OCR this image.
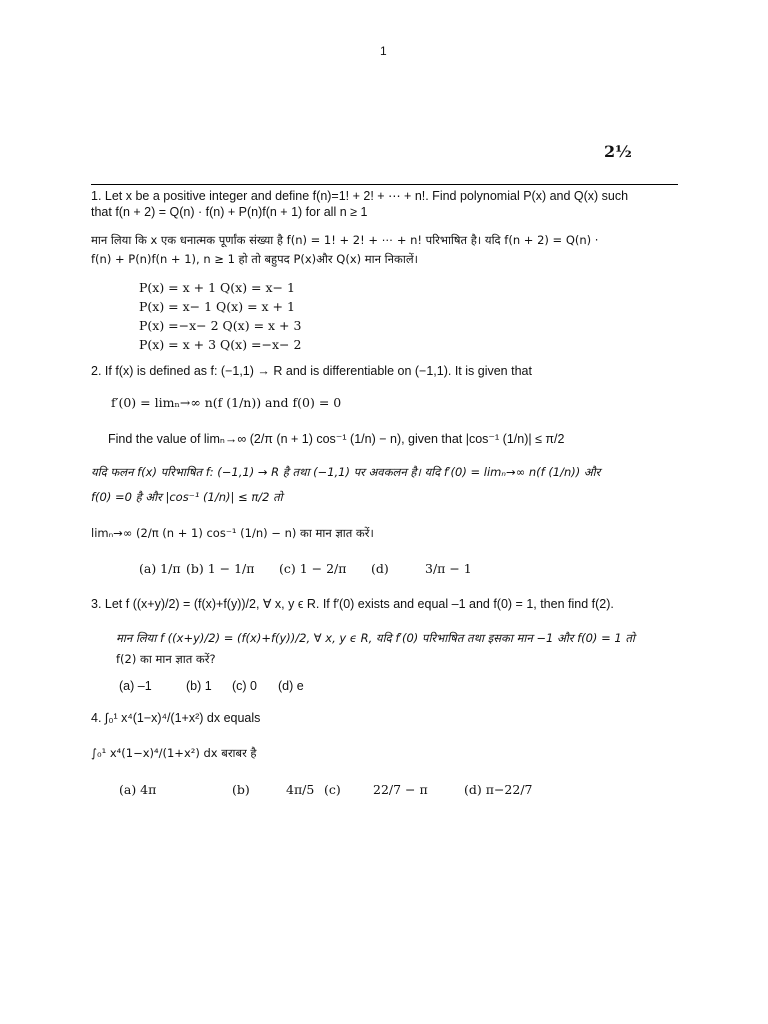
1
2½
1. Let x be a positive integer and define f(n)=1! + 2! + ⋯ + n!. Find polynomial P(x) and Q(x) such
that f(n + 2) = Q(n) · f(n) + P(n)f(n + 1) for all n ≥ 1
मान लिया कि x एक धनात्मक पूर्णांक संख्या है f(n) = 1! + 2! + ⋯ + n! परिभाषित है। यदि f(n + 2) = Q(n) ·
f(n) + P(n)f(n + 1), n ≥ 1 हो तो बहुपद P(x)और Q(x) मान निकालें।
P(x) = x + 1 Q(x) = x− 1
P(x) = x− 1 Q(x) = x + 1
P(x) =−x− 2 Q(x) = x + 3
P(x) = x + 3 Q(x) =−x− 2
2. If f(x) is defined as f: (−1,1) → R and is differentiable on (−1,1). It is given that
f′(0) = limₙ→∞ n(f (1/n)) and f(0) = 0
Find the value of limₙ→∞ (2/π (n + 1) cos⁻¹ (1/n) − n), given that |cos⁻¹ (1/n)| ≤ π/2
यदि फलन f(x) परिभाषित f: (−1,1) → R है तथा (−1,1) पर अवकलन है। यदि f′(0) = limₙ→∞ n(f (1/n)) और
f(0) =0 है और |cos⁻¹ (1/n)| ≤ π/2 तो
limₙ→∞ (2/π (n + 1) cos⁻¹ (1/n) − n) का मान ज्ञात करें।
(a) 1/π (b) 1 − 1/π (c) 1 − 2/π (d)	3/π − 1
3. Let f ((x+y)/2) = (f(x)+f(y))/2, ∀ x, y ϵ R. If f′(0) exists and equal –1 and f(0) = 1, then find f(2).
मान लिया f ((x+y)/2) = (f(x)+f(y))/2, ∀ x, y ϵ R, यदि f′(0) परिभाषित तथा इसका मान −1 और f(0) = 1 तो
f(2) का मान ज्ञात करें?
(a) –1	(b) 1 (c) 0 (d) e
4. ∫₀¹ x⁴(1−x)⁴/(1+x²) dx equals
∫₀¹ x⁴(1−x)⁴/(1+x²) dx बराबर है
(a) 4π	(b)	4π/5 (c)	22/7 − π	(d) π−22/7
